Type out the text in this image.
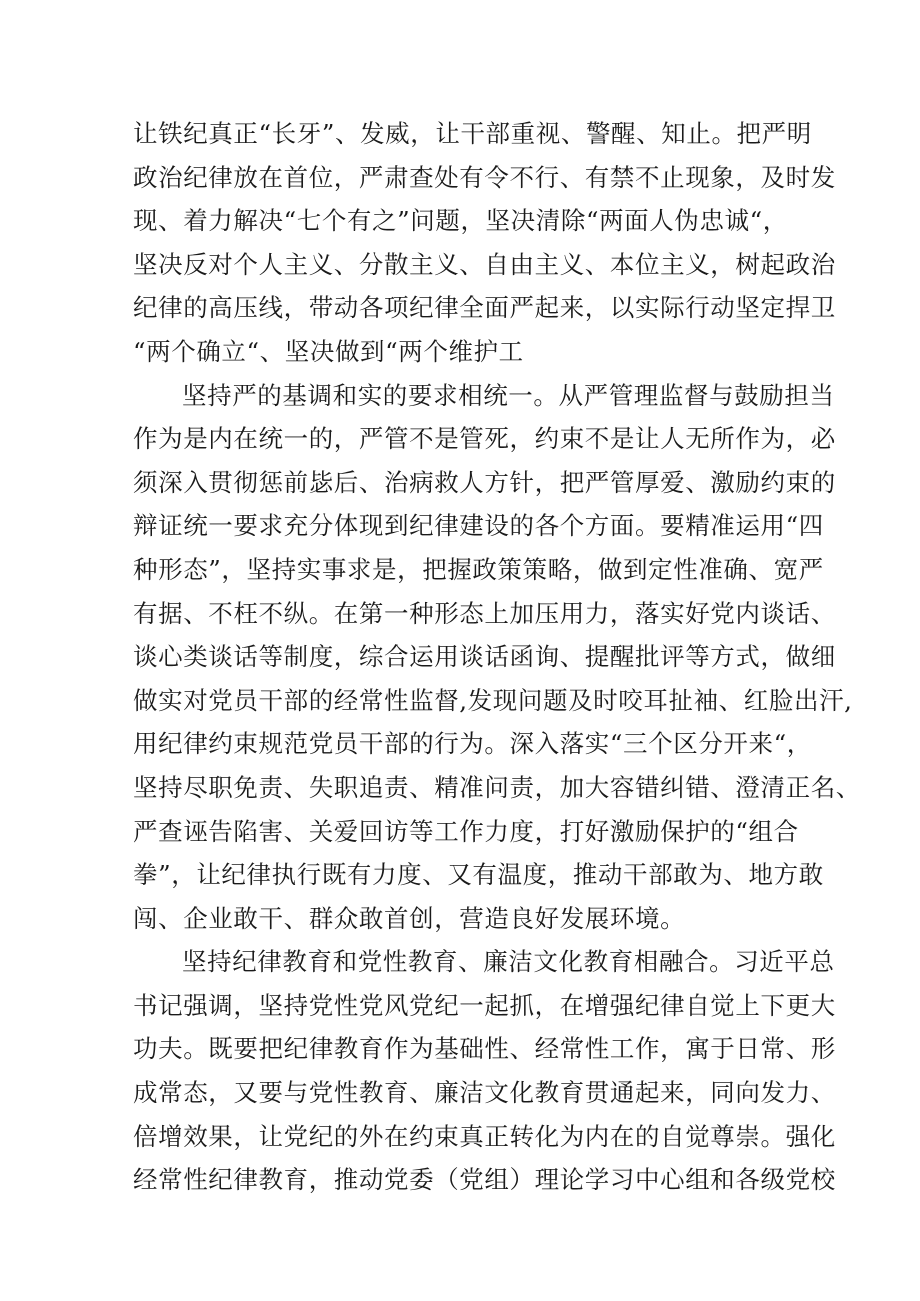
让铁纪真正“长牙”、发威，让干部重视、警醒、知止。把严明
政治纪律放在首位，严肃查处有令不行、有禁不止现象，及时发
现、着力解决“七个有之”问题，坚决清除“两面人伪忠诚“，
坚决反对个人主义、分散主义、自由主义、本位主义，树起政治
纪律的高压线，带动各项纪律全面严起来，以实际行动坚定捍卫
“两个确立“、坚决做到“两个维护工
坚持严的基调和实的要求相统一。从严管理监督与鼓励担当
作为是内在统一的，严管不是管死，约束不是让人无所作为，必
须深入贯彻惩前毖后、治病救人方针，把严管厚爱、激励约束的
辩证统一要求充分体现到纪律建设的各个方面。要精准运用“四
种形态”，坚持实事求是，把握政策策略，做到定性准确、宽严
有据、不枉不纵。在第一种形态上加压用力，落实好党内谈话、
谈心类谈话等制度，综合运用谈话函询、提醒批评等方式，做细
做实对党员干部的经常性监督,发现问题及时咬耳扯袖、红脸出汗,
用纪律约束规范党员干部的行为。深入落实“三个区分开来“，
坚持尽职免责、失职追责、精准问责，加大容错纠错、澄清正名、
严查诬告陷害、关爱回访等工作力度，打好激励保护的“组合
拳”，让纪律执行既有力度、又有温度，推动干部敢为、地方敢
闯、企业敢干、群众敢首创，营造良好发展环境。
坚持纪律教育和党性教育、廉洁文化教育相融合。习近平总
书记强调，坚持党性党风党纪一起抓，在增强纪律自觉上下更大
功夫。既要把纪律教育作为基础性、经常性工作，寓于日常、形
成常态，又要与党性教育、廉洁文化教育贯通起来，同向发力、
倍增效果，让党纪的外在约束真正转化为内在的自觉尊崇。强化
经常性纪律教育，推动党委（党组）理论学习中心组和各级党校
